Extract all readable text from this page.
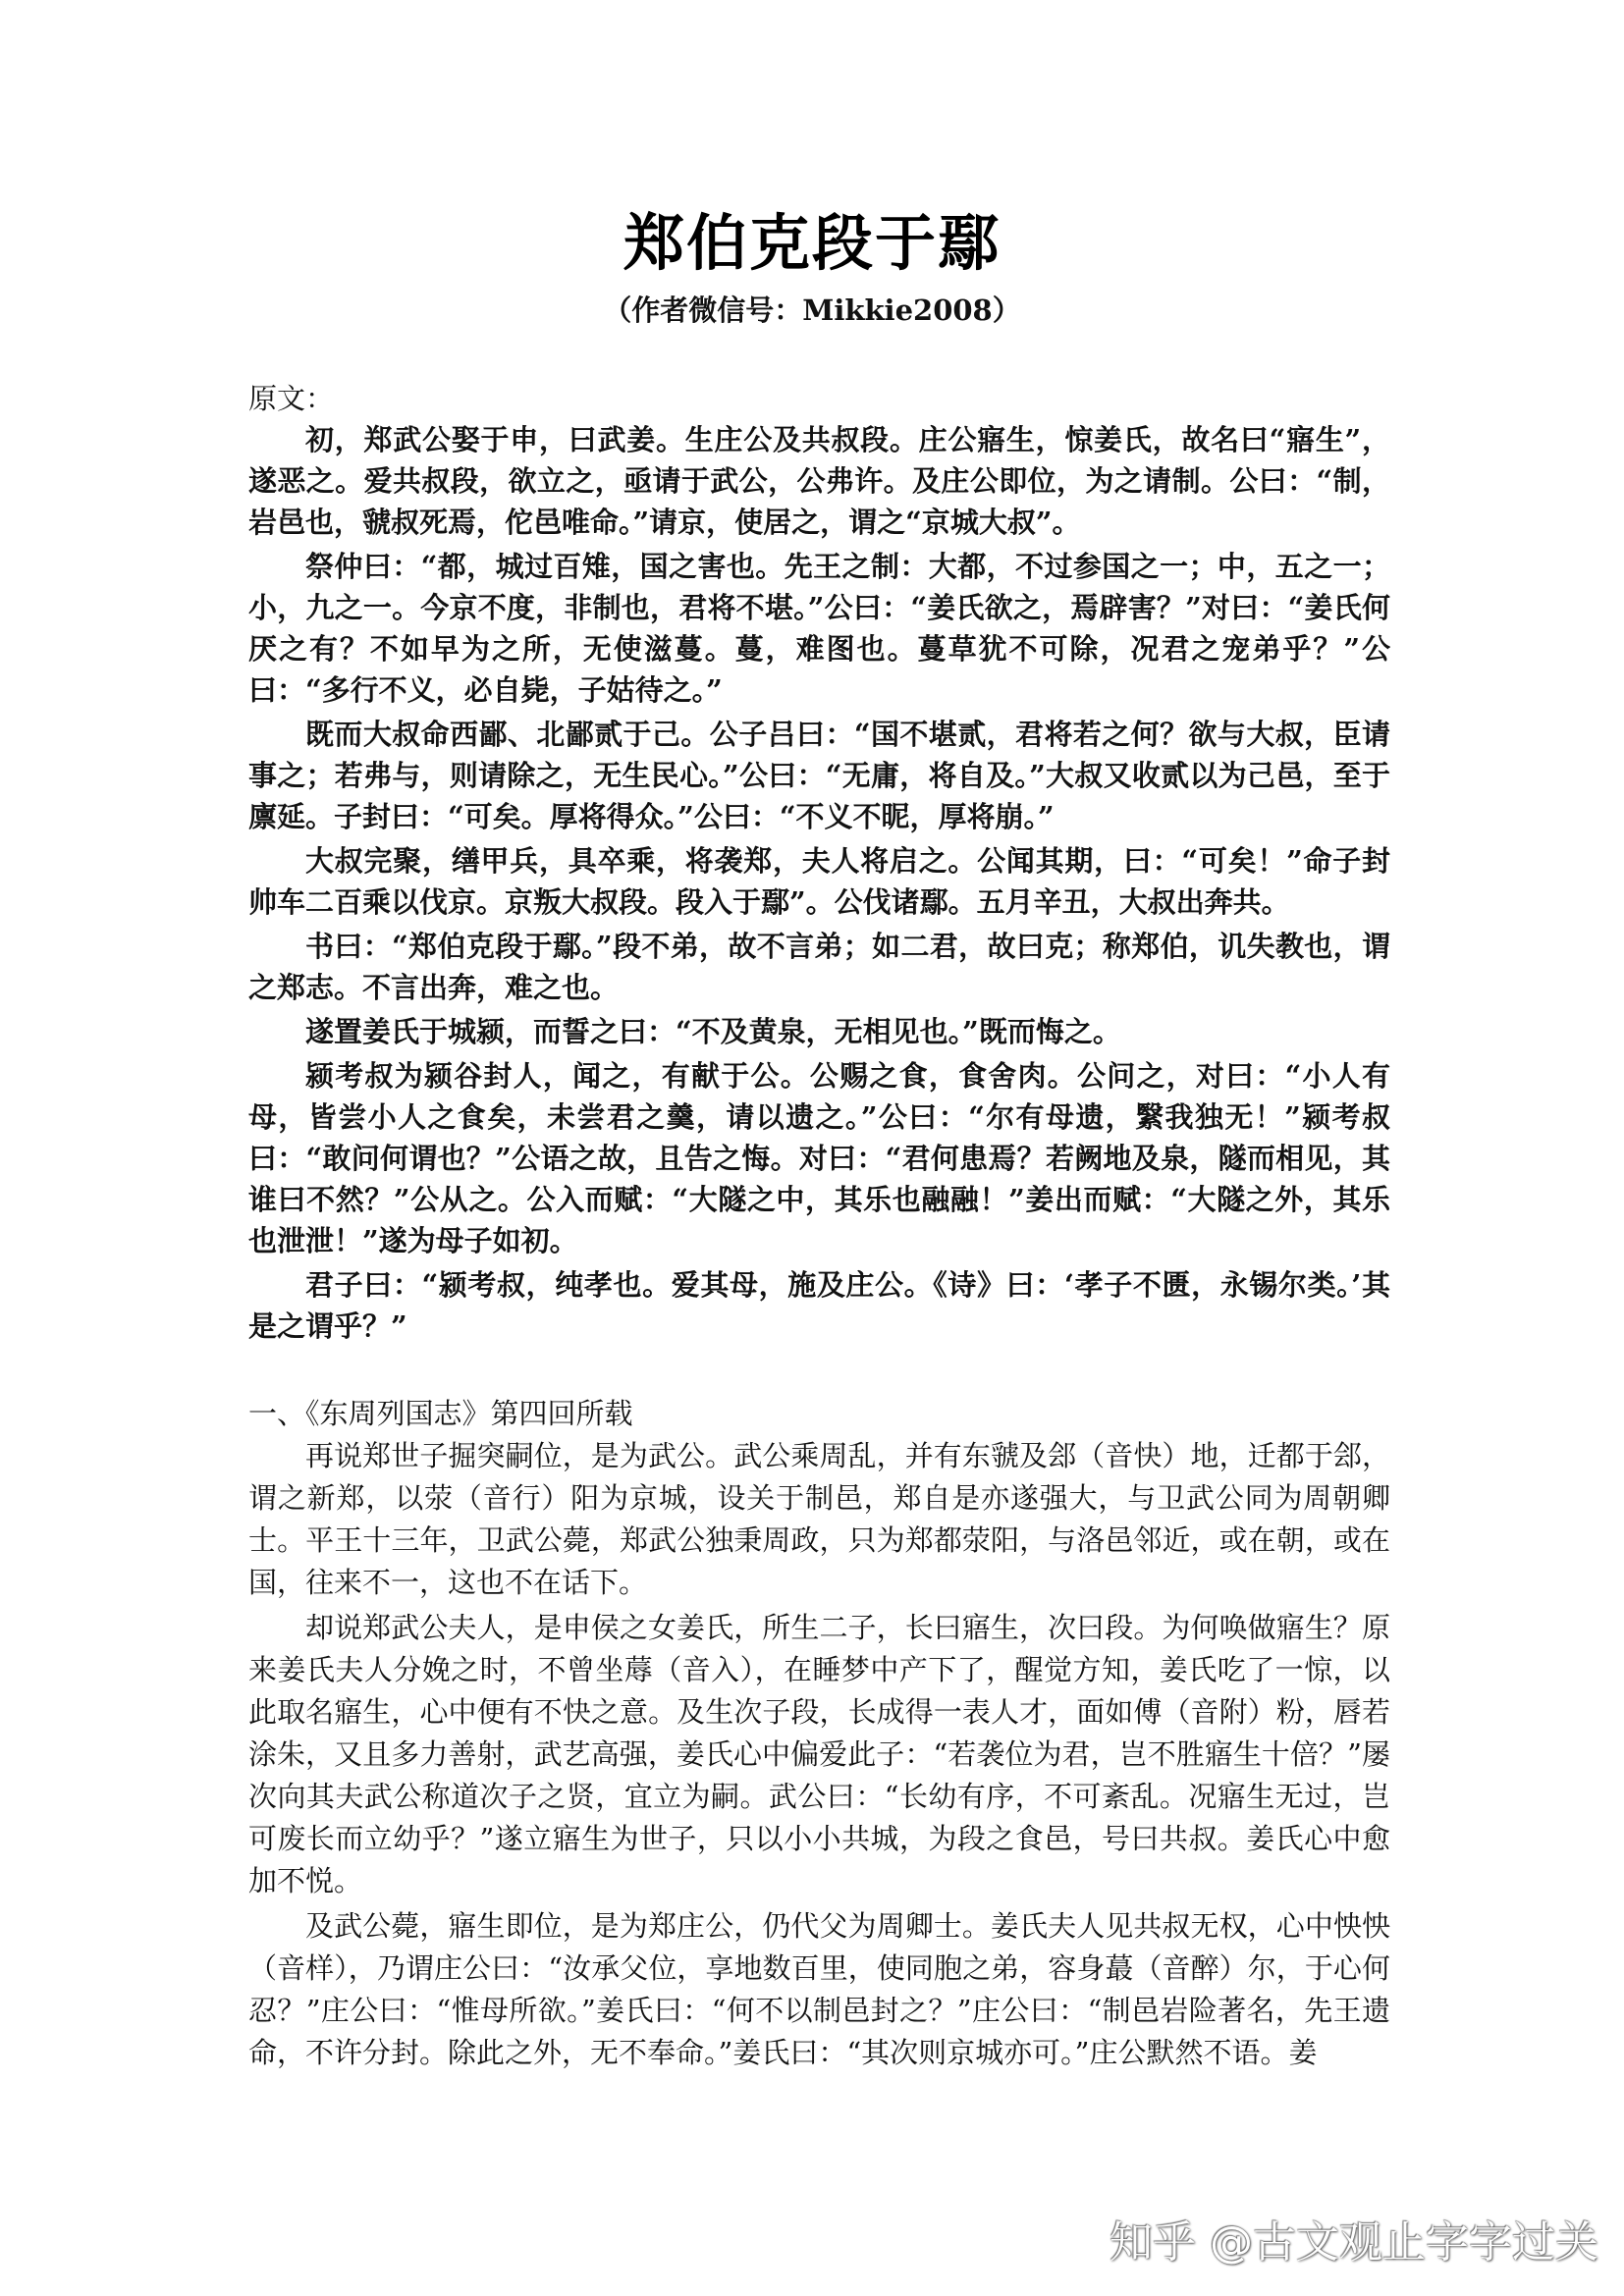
郑伯克段于鄢

（作者微信号：Mikkie2008）

原文：

初，郑武公娶于申，曰武姜。生庄公及共叔段。庄公寤生，惊姜氏，故名曰“寤生”，遂恶之。爱共叔段，欲立之，亟请于武公，公弗许。及庄公即位，为之请制。公曰：“制，岩邑也，虢叔死焉，佗邑唯命。”请京，使居之，谓之“京城大叔”。

祭仲曰：“都，城过百雉，国之害也。先王之制：大都，不过参国之一；中，五之一；小，九之一。今京不度，非制也，君将不堪。”公曰：“姜氏欲之，焉辟害？”对曰：“姜氏何厌之有？不如早为之所，无使滋蔓。蔓，难图也。蔓草犹不可除，况君之宠弟乎？”公曰：“多行不义，必自毙，子姑待之。”

既而大叔命西鄙、北鄙贰于己。公子吕曰：“国不堪贰，君将若之何？欲与大叔，臣请事之；若弗与，则请除之，无生民心。”公曰：“无庸，将自及。”大叔又收贰以为己邑，至于廪延。子封曰：“可矣。厚将得众。”公曰：“不义不昵，厚将崩。”

大叔完聚，缮甲兵，具卒乘，将袭郑，夫人将启之。公闻其期，曰：“可矣！”命子封帅车二百乘以伐京。京叛大叔段。段入于鄢”。公伐诸鄢。五月辛丑，大叔出奔共。

书曰：“郑伯克段于鄢。”段不弟，故不言弟；如二君，故曰克；称郑伯，讥失教也，谓之郑志。不言出奔，难之也。

遂置姜氏于城颍，而誓之曰：“不及黄泉，无相见也。”既而悔之。

颍考叔为颍谷封人，闻之，有献于公。公赐之食，食舍肉。公问之，对曰：“小人有母，皆尝小人之食矣，未尝君之羹，请以遗之。”公曰：“尔有母遗，繄我独无！”颍考叔曰：“敢问何谓也？”公语之故，且告之悔。对曰：“君何患焉？若阙地及泉，隧而相见，其谁曰不然？”公从之。公入而赋：“大隧之中，其乐也融融！”姜出而赋：“大隧之外，其乐也泄泄！”遂为母子如初。

君子曰：“颍考叔，纯孝也。爱其母，施及庄公。《诗》曰：‘孝子不匮，永锡尔类。’其是之谓乎？”

一、《东周列国志》第四回所载

再说郑世子掘突嗣位，是为武公。武公乘周乱，并有东虢及郐（音快）地，迁都于郐，谓之新郑，以荥（音行）阳为京城，设关于制邑，郑自是亦遂强大，与卫武公同为周朝卿士。平王十三年，卫武公薨，郑武公独秉周政，只为郑都荥阳，与洛邑邻近，或在朝，或在国，往来不一，这也不在话下。

却说郑武公夫人，是申侯之女姜氏，所生二子，长曰寤生，次曰段。为何唤做寤生？原来姜氏夫人分娩之时，不曾坐蓐（音入），在睡梦中产下了，醒觉方知，姜氏吃了一惊，以此取名寤生，心中便有不快之意。及生次子段，长成得一表人才，面如傅（音附）粉，唇若涂朱，又且多力善射，武艺高强，姜氏心中偏爱此子：“若袭位为君，岂不胜寤生十倍？”屡次向其夫武公称道次子之贤，宜立为嗣。武公曰：“长幼有序，不可紊乱。况寤生无过，岂可废长而立幼乎？”遂立寤生为世子，只以小小共城，为段之食邑，号曰共叔。姜氏心中愈加不悦。

及武公薨，寤生即位，是为郑庄公，仍代父为周卿士。姜氏夫人见共叔无权，心中怏怏（音样），乃谓庄公曰：“汝承父位，享地数百里，使同胞之弟，容身蕞（音醉）尔，于心何忍？”庄公曰：“惟母所欲。”姜氏曰：“何不以制邑封之？”庄公曰：“制邑岩险著名，先王遗命，不许分封。除此之外，无不奉命。”姜氏曰：“其次则京城亦可。”庄公默然不语。姜

知乎 @古文观止字字过关
